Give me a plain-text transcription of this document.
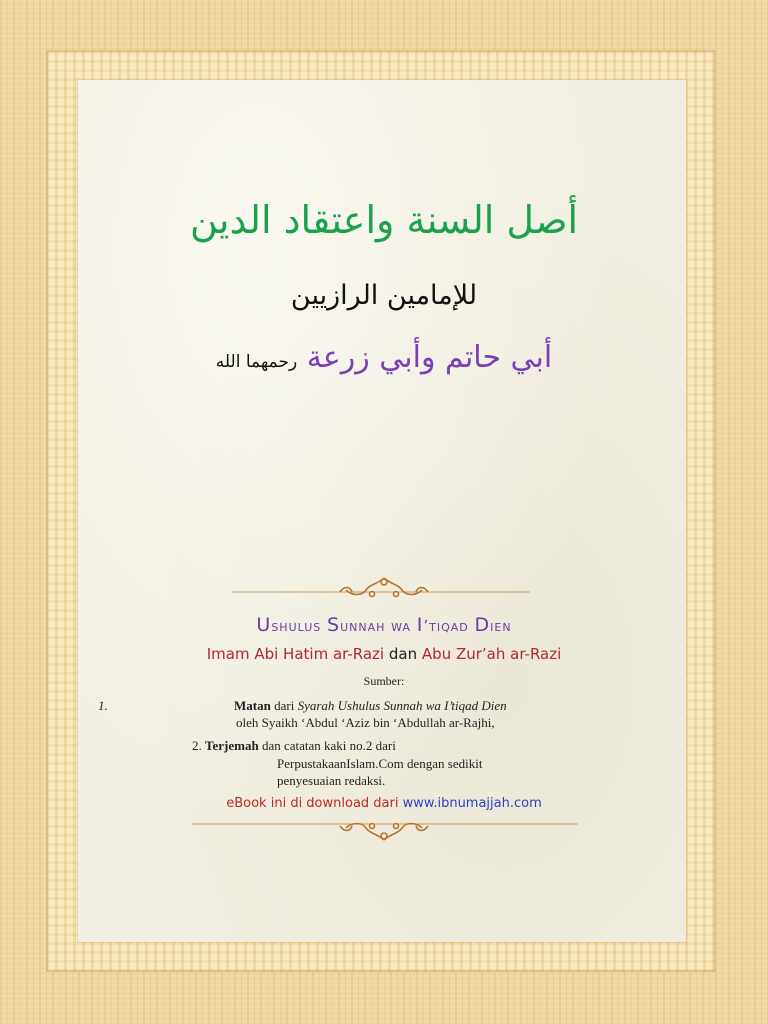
أصل السنة واعتقاد الدين
للإمامين الرازيين
أبي حاتم وأبي زرعة رحمهما الله
Ushulus Sunnah wa I’tiqad Dien
Imam Abi Hatim ar-Razi dan Abu Zur’ah ar-Razi
Sumber:
1.	Matan dari Syarah Ushulus Sunnah wa I’tiqad Dien
oleh Syaikh ‘Abdul ‘Aziz bin ‘Abdullah ar-Rajhi,
2. Terjemah dan catatan kaki no.2 dari
PerpustakaanIslam.Com dengan sedikit
penyesuaian redaksi.
eBook ini di download dari www.ibnumajjah.com
